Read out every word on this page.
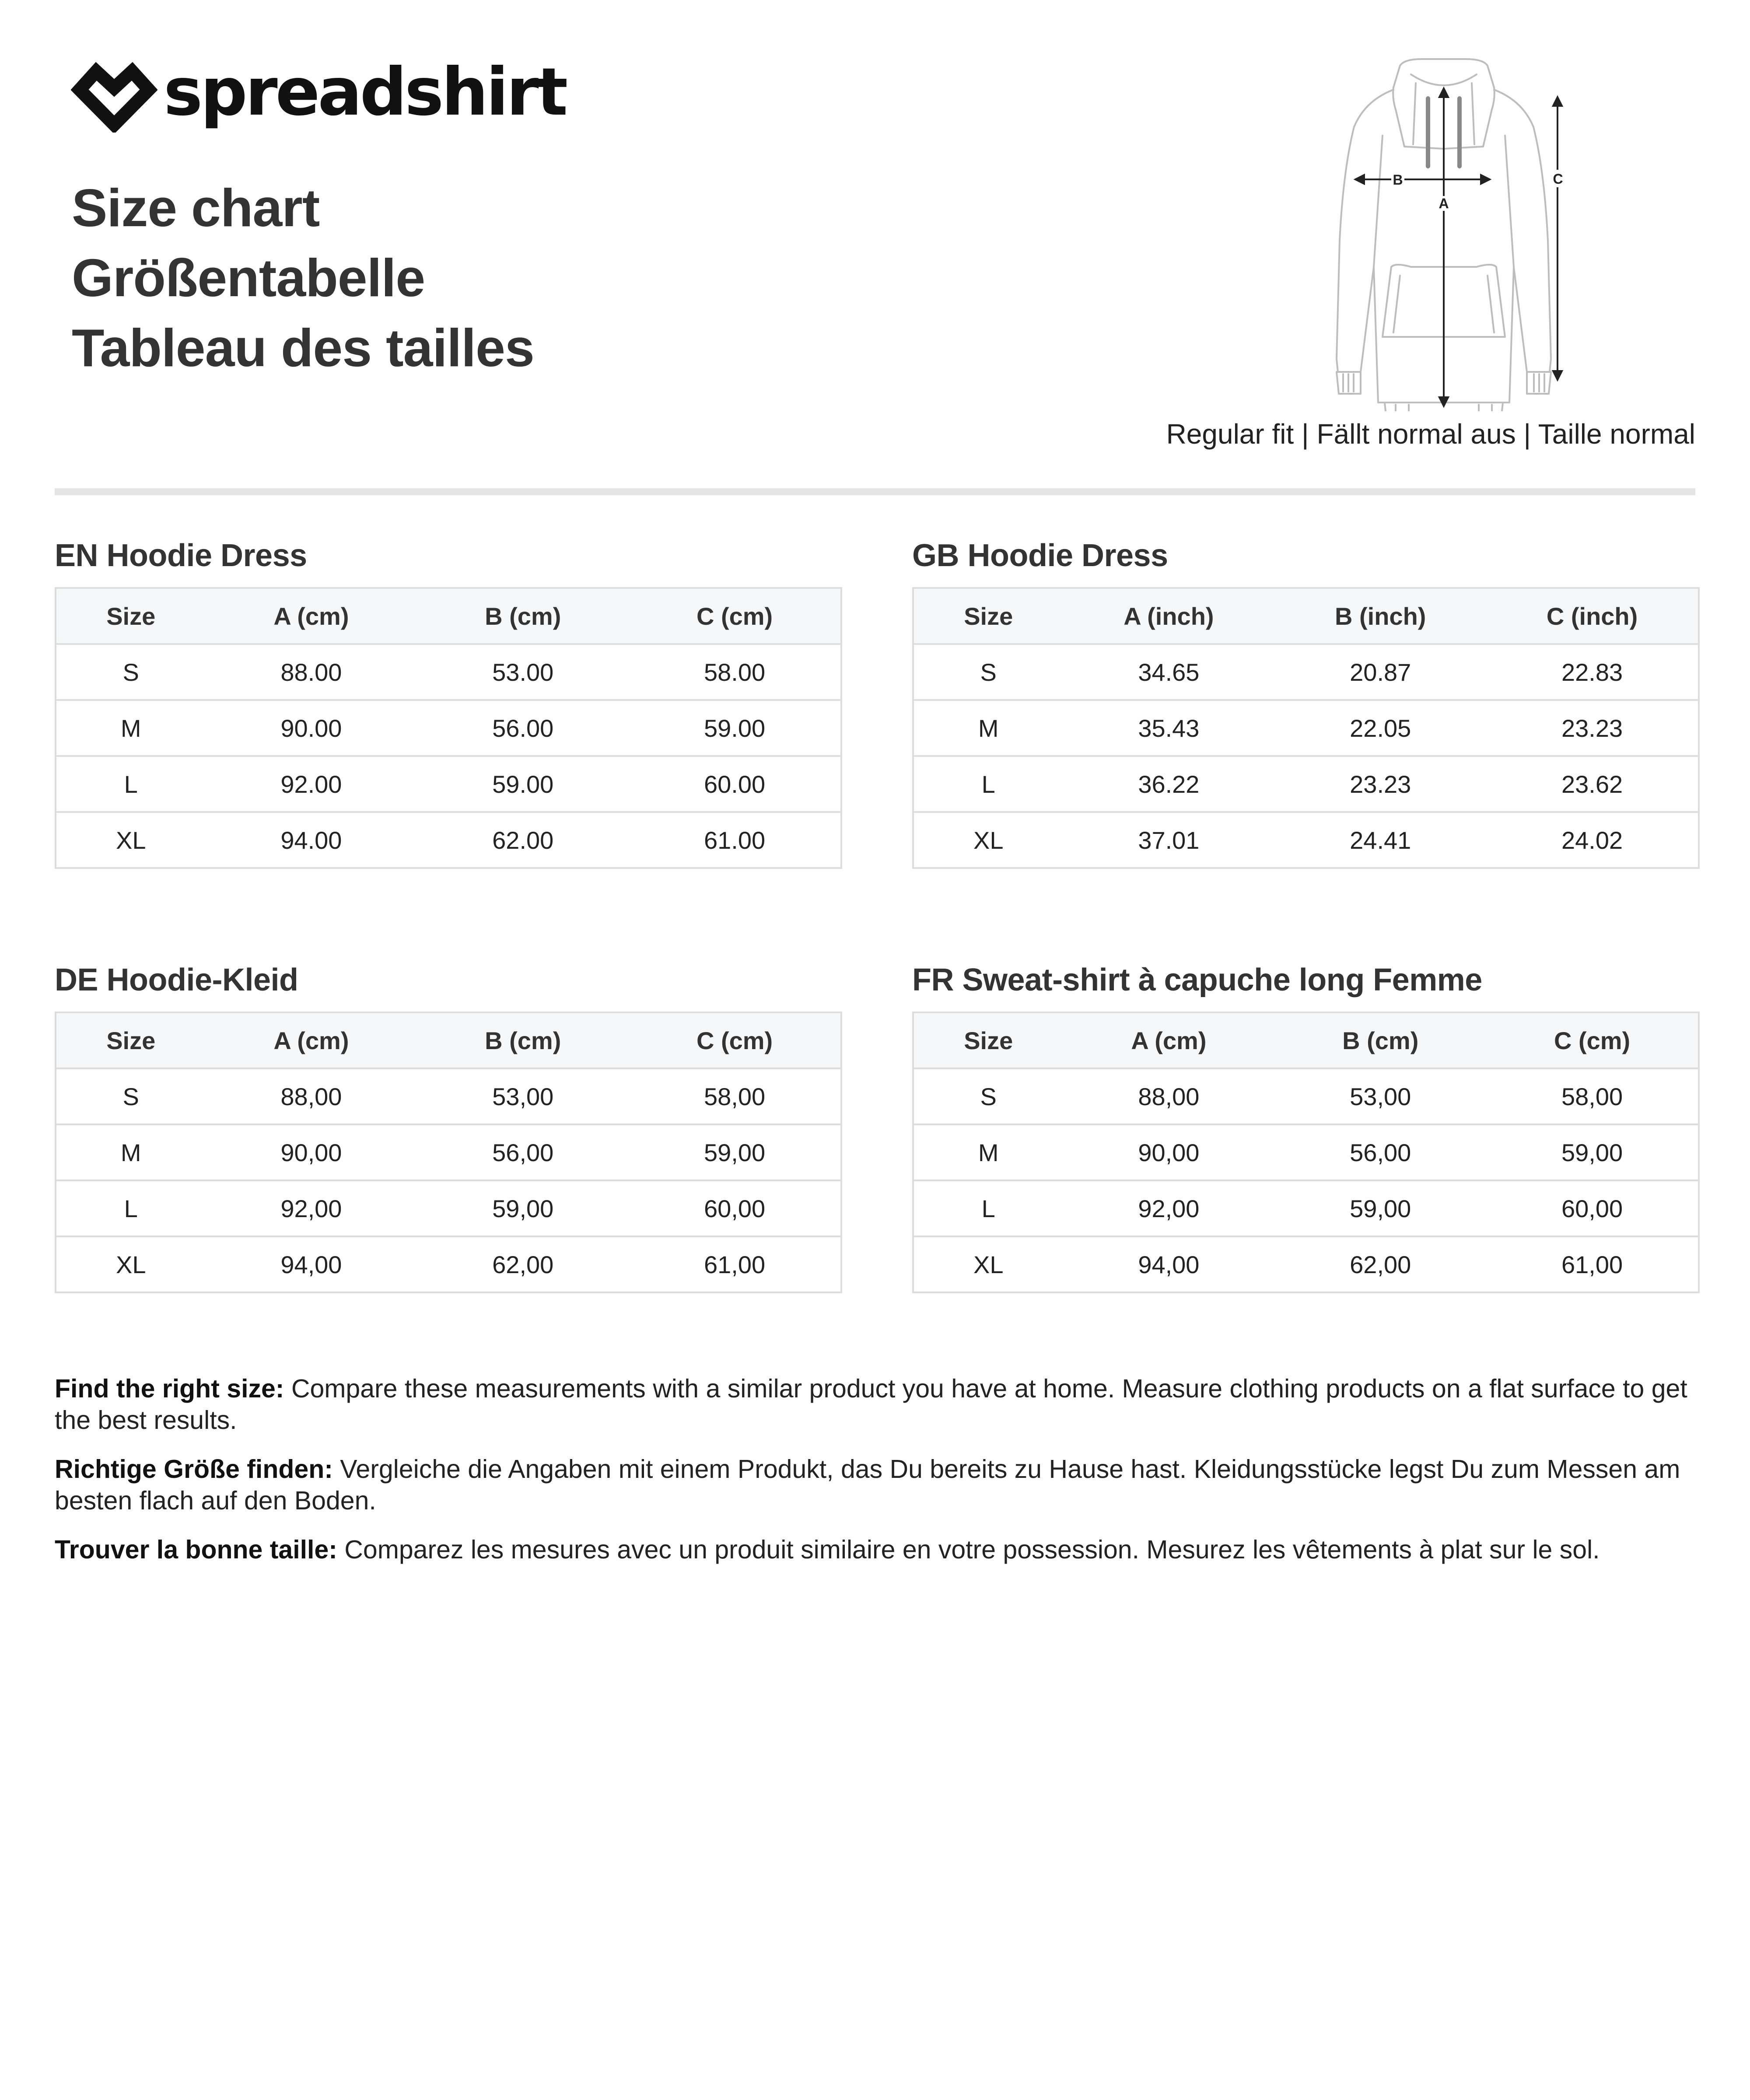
spreadshirt
Size chart
Größentabelle
Tableau des tailles
B
A
C
Regular fit | Fällt normal aus | Taille normal
EN Hoodie Dress
Size	A (cm)	B (cm)	C (cm)
S	88.00	53.00	58.00
M	90.00	56.00	59.00
L	92.00	59.00	60.00
XL	94.00	62.00	61.00
GB Hoodie Dress
Size	A (inch)	B (inch)	C (inch)
S	34.65	20.87	22.83
M	35.43	22.05	23.23
L	36.22	23.23	23.62
XL	37.01	24.41	24.02
DE Hoodie-Kleid
Size	A (cm)	B (cm)	C (cm)
S	88,00	53,00	58,00
M	90,00	56,00	59,00
L	92,00	59,00	60,00
XL	94,00	62,00	61,00
FR Sweat-shirt à capuche long Femme
Size	A (cm)	B (cm)	C (cm)
S	88,00	53,00	58,00
M	90,00	56,00	59,00
L	92,00	59,00	60,00
XL	94,00	62,00	61,00

Find the right size: Compare these measurements with a similar product you have at home. Measure clothing products on a flat surface to get the best results.

Richtige Größe finden: Vergleiche die Angaben mit einem Produkt, das Du bereits zu Hause hast. Kleidungsstücke legst Du zum Messen am besten flach auf den Boden.

Trouver la bonne taille: Comparez les mesures avec un produit similaire en votre possession. Mesurez les vêtements à plat sur le sol.
